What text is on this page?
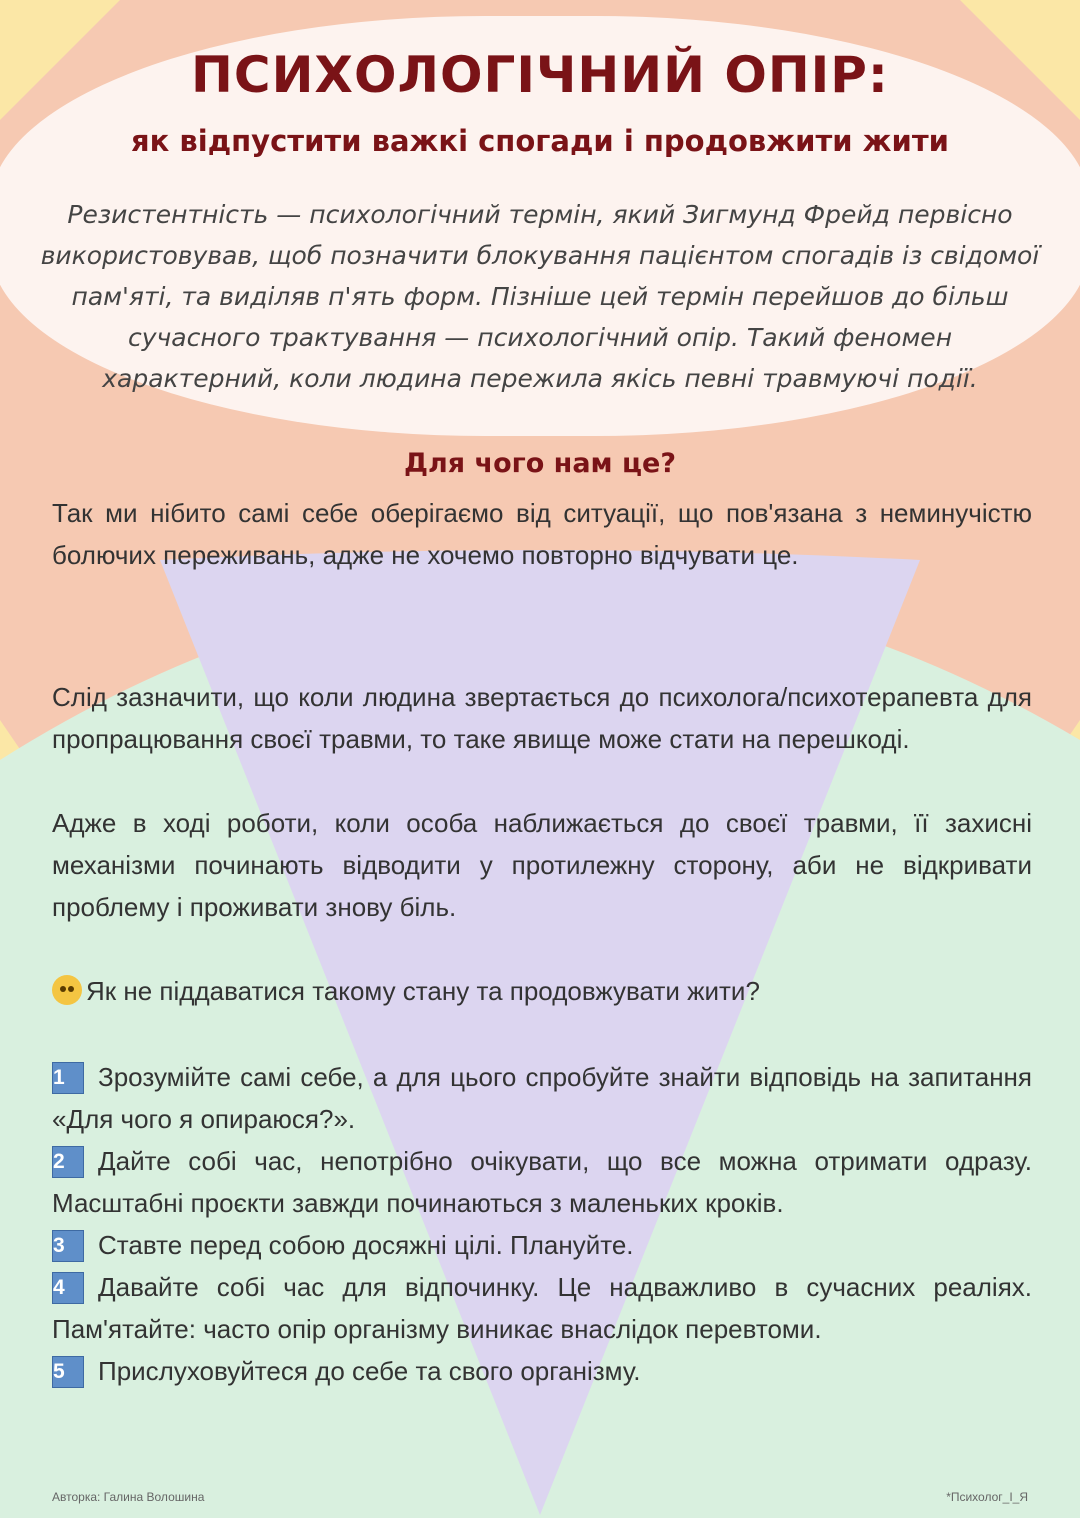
ПСИХОЛОГІЧНИЙ ОПІР:
як відпустити важкі спогади і продовжити жити
Резистентність — психологічний термін, який Зигмунд Фрейд первісно використовував, щоб позначити блокування пацієнтом спогадів із свідомої пам'яті, та виділяв п'ять форм. Пізніше цей термін перейшов до більш сучасного трактування — психологічний опір. Такий феномен характерний, коли людина пережила якісь певні травмуючі події.
Для чого нам це?
Так ми нібито самі себе оберігаємо від ситуації, що пов'язана з неминучістю болючих переживань, адже не хочемо повторно відчувати це.
Слід зазначити, що коли людина звертається до психолога/психотерапевта для пропрацювання своєї травми, то таке явище може стати на перешкоді.
Адже в ході роботи, коли особа наближається до своєї травми, її захисні механізми починають відводити у протилежну сторону, аби не відкривати проблему і проживати знову біль.
Як не піддаватися такому стану та продовжувати жити?
1 Зрозумійте самі себе, а для цього спробуйте знайти відповідь на запитання «Для чого я опираюся?».
2 Дайте собі час, непотрібно очікувати, що все можна отримати одразу. Масштабні проєкти завжди починаються з маленьких кроків.
3 Ставте перед собою досяжні цілі. Плануйте.
4 Давайте собі час для відпочинку. Це надважливо в сучасних реаліях. Пам'ятайте: часто опір організму виникає внаслідок перевтоми.
5 Прислуховуйтеся до себе та свого організму.
Авторка: Галина Волошина	*Психолог_І_Я
